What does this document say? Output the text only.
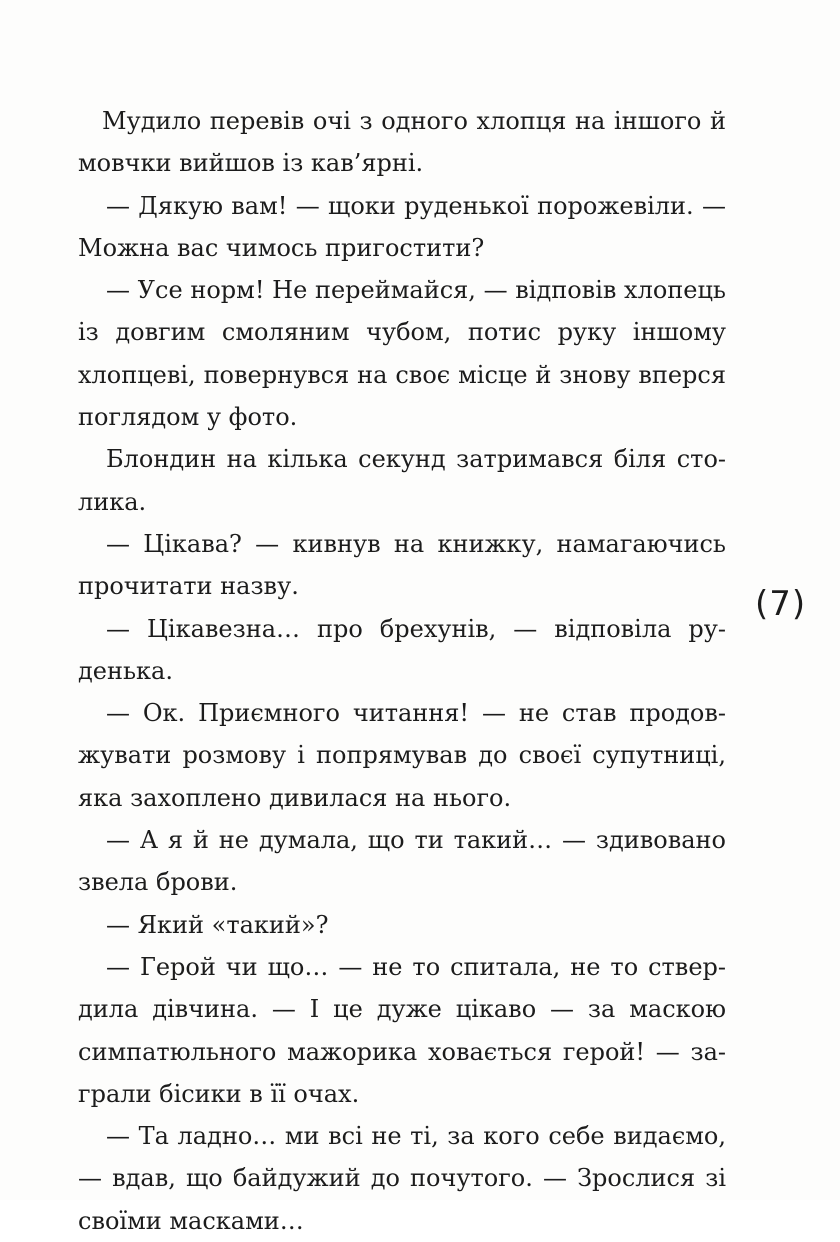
Мудило перевів очі з одного хлопця на іншого й мовчки вийшов із кав’ярні.

— Дякую вам! — щоки руденької порожевіли. — Можна вас чимось пригостити?

— Усе норм! Не переймайся, — відповів хлопець із довгим смоляним чубом, потис руку іншому хлопцеві, повернувся на своє місце й знову вперся поглядом у фото.

Блондин на кілька секунд затримався біля столика.

— Цікава? — кивнув на книжку, намагаючись прочитати назву.

— Цікавезна… про брехунів, — відповіла руденька.

— Ок. Приємного читання! — не став продовжувати розмову і попрямував до своєї супутниці, яка захоплено дивилася на нього.

— А я й не думала, що ти такий… — здивовано звела брови.

— Який «такий»?

— Герой чи що… — не то спитала, не то ствердила дівчина. — І це дуже цікаво — за маскою симпатюльного мажорика ховається герой! — заграли бісики в її очах.

— Та ладно… ми всі не ті, за кого себе видаємо, — вдав, що байдужий до почутого. — Зрослися зі своїми масками…

(7)
